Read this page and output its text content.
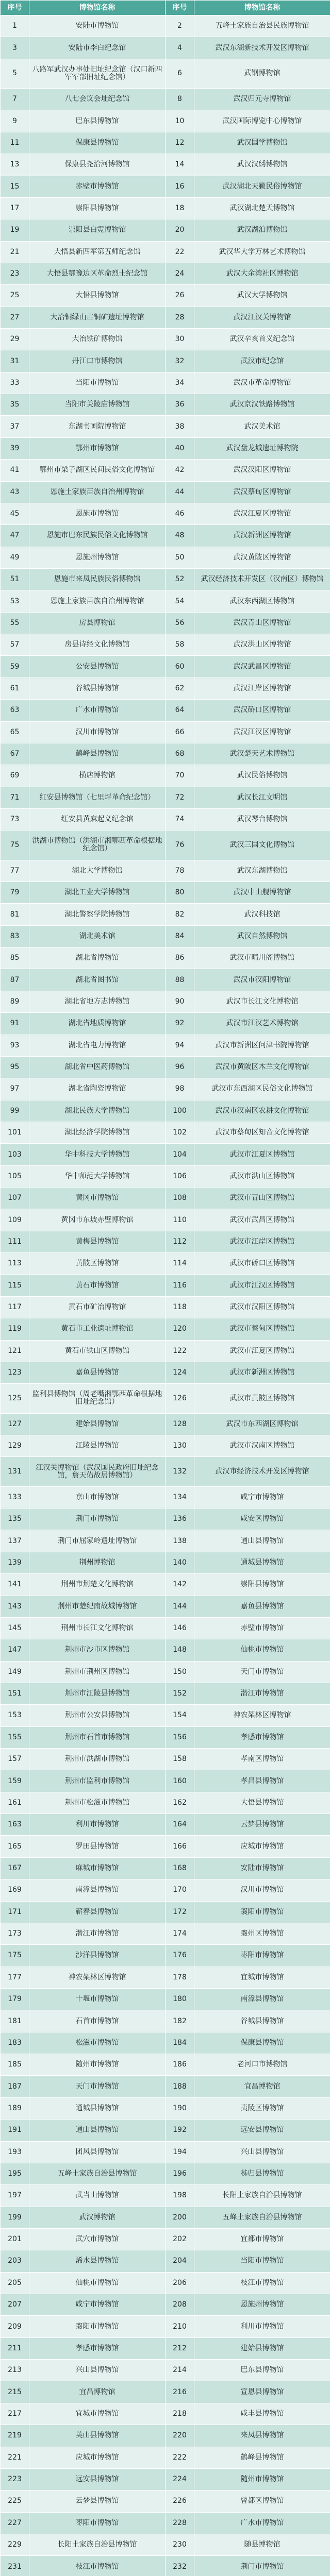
序号	博物馆名称	序号	博物馆名称
1	安陆市博物馆	2	五峰土家族自治县民族博物馆
3	安陆市李白纪念馆	4	武汉东湖新技术开发区博物馆
5	八路军武汉办事处旧址纪念馆（汉口新四军军部旧址纪念馆）	6	武钢博物馆
7	八七会议会址纪念馆	8	武汉归元寺博物馆
9	巴东县博物馆	10	武汉国际博览中心博物馆
11	保康县博物馆	12	武汉国学博物馆
13	保康县尧治河博物馆	14	武汉汉绣博物馆
15	赤壁市博物馆	16	武汉湖北天籁民俗博物馆
17	崇阳县博物馆	18	武汉湖北楚天博物馆
19	崇阳县白霓博物馆	20	武汉湖泊博物馆
21	大悟县新四军第五师纪念馆	22	武汉华大学万林艺术博物馆
23	大悟县鄂豫边区革命烈士纪念馆	24	武汉大余湾社区博物馆
25	大悟县博物馆	26	武汉大学博物馆
27	大冶铜绿山古铜矿遗址博物馆	28	武汉江汉关博物馆
29	大冶铁矿博物馆	30	武汉辛亥首义纪念馆
31	丹江口市博物馆	32	武汉市纪念馆
33	当阳市博物馆	34	武汉市革命博物馆
35	当阳市关陵庙博物馆	36	武汉京汉铁路博物馆
37	东湖书画院博物馆	38	武汉美术馆
39	鄂州市博物馆	40	武汉盘龙城遗址博物院
41	鄂州市梁子湖区民间民俗文化博物馆	42	武汉汉阳区博物馆
43	恩施土家族苗族自治州博物馆	44	武汉蔡甸区博物馆
45	恩施市博物馆	46	武汉江夏区博物馆
47	恩施市巴东民族民俗文化博物馆	48	武汉新洲区博物馆
49	恩施州博物馆	50	武汉黄陂区博物馆
51	恩施市来凤民族民俗博物馆	52	武汉经济技术开发区（汉南区）博物馆
53	恩施土家族苗族自治州博物馆	54	武汉东西湖区博物馆
55	房县博物馆	56	武汉青山区博物馆
57	房县诗经文化博物馆	58	武汉洪山区博物馆
59	公安县博物馆	60	武汉武昌区博物馆
61	谷城县博物馆	62	武汉江岸区博物馆
63	广水市博物馆	64	武汉硚口区博物馆
65	汉川市博物馆	66	武汉江汉区博物馆
67	鹤峰县博物馆	68	武汉楚天艺术博物馆
69	横店博物馆	70	武汉民俗博物馆
71	红安县博物馆（七里坪革命纪念馆）	72	武汉长江文明馆
73	红安县黄麻起义纪念馆	74	武汉琴台博物馆
75	洪湖市博物馆（洪湖市湘鄂西革命根据地纪念馆）	76	武汉三国文化博物馆
77	湖北大学博物馆	78	武汉东湖博物馆
79	湖北工业大学博物馆	80	武汉中山舰博物馆
81	湖北警察学院博物馆	82	武汉科技馆
83	湖北美术馆	84	武汉自然博物馆
85	湖北省博物馆	86	武汉市晴川阁博物馆
87	湖北省图书馆	88	武汉市汉阳博物馆
89	湖北省地方志博物馆	90	武汉市长江文化博物馆
91	湖北省地质博物馆	92	武汉市江汉艺术博物馆
93	湖北省电力博物馆	94	武汉市新洲区问津书院博物馆
95	湖北省中医药博物馆	96	武汉市黄陂区木兰文化博物馆
97	湖北省陶瓷博物馆	98	武汉市东西湖区民俗文化博物馆
99	湖北民族大学博物馆	100	武汉市汉南区农耕文化博物馆
101	湖北经济学院博物馆	102	武汉市蔡甸区知音文化博物馆
103	华中科技大学博物馆	104	武汉市江夏区博物馆
105	华中师范大学博物馆	106	武汉市洪山区博物馆
107	黄冈市博物馆	108	武汉市青山区博物馆
109	黄冈市东坡赤壁博物馆	110	武汉市武昌区博物馆
111	黄梅县博物馆	112	武汉市江岸区博物馆
113	黄陂区博物馆	114	武汉市硚口区博物馆
115	黄石市博物馆	116	武汉市江汉区博物馆
117	黄石市矿冶博物馆	118	武汉市汉阳区博物馆
119	黄石市工业遗址博物馆	120	武汉市蔡甸区博物馆
121	黄石市铁山区博物馆	122	武汉市江夏区博物馆
123	嘉鱼县博物馆	124	武汉市新洲区博物馆
125	监利县博物馆（周老嘴湘鄂西革命根据地旧址纪念馆）	126	武汉市黄陂区博物馆
127	建始县博物馆	128	武汉市东西湖区博物馆
129	江陵县博物馆	130	武汉市汉南区博物馆
131	江汉关博物馆（武汉国民政府旧址纪念馆，詹天佑故居博物馆）	132	武汉市经济技术开发区博物馆
133	京山市博物馆	134	咸宁市博物馆
135	荆门市博物馆	136	咸安区博物馆
137	荆门市屈家岭遗址博物馆	138	通山县博物馆
139	荆州博物馆	140	通城县博物馆
141	荆州市荆楚文化博物馆	142	崇阳县博物馆
143	荆州市楚纪南故城博物馆	144	嘉鱼县博物馆
145	荆州市长江文化博物馆	146	赤壁市博物馆
147	荆州市沙市区博物馆	148	仙桃市博物馆
149	荆州市荆州区博物馆	150	天门市博物馆
151	荆州市江陵县博物馆	152	潜江市博物馆
153	荆州市公安县博物馆	154	神农架林区博物馆
155	荆州市石首市博物馆	156	孝感市博物馆
157	荆州市洪湖市博物馆	158	孝南区博物馆
159	荆州市监利市博物馆	160	孝昌县博物馆
161	荆州市松滋市博物馆	162	大悟县博物馆
163	利川市博物馆	164	云梦县博物馆
165	罗田县博物馆	166	应城市博物馆
167	麻城市博物馆	168	安陆市博物馆
169	南漳县博物馆	170	汉川市博物馆
171	蕲春县博物馆	172	襄阳市博物馆
173	潜江市博物馆	174	襄州区博物馆
175	沙洋县博物馆	176	枣阳市博物馆
177	神农架林区博物馆	178	宜城市博物馆
179	十堰市博物馆	180	南漳县博物馆
181	石首市博物馆	182	谷城县博物馆
183	松滋市博物馆	184	保康县博物馆
185	随州市博物馆	186	老河口市博物馆
187	天门市博物馆	188	宜昌博物馆
189	通城县博物馆	190	夷陵区博物馆
191	通山县博物馆	192	远安县博物馆
193	团风县博物馆	194	兴山县博物馆
195	五峰土家族自治县博物馆	196	秭归县博物馆
197	武当山博物馆	198	长阳土家族自治县博物馆
199	武汉博物馆	200	五峰土家族自治县博物馆
201	武穴市博物馆	202	宜都市博物馆
203	浠水县博物馆	204	当阳市博物馆
205	仙桃市博物馆	206	枝江市博物馆
207	咸宁市博物馆	208	恩施州博物馆
209	襄阳市博物馆	210	利川市博物馆
211	孝感市博物馆	212	建始县博物馆
213	兴山县博物馆	214	巴东县博物馆
215	宜昌博物馆	216	宣恩县博物馆
217	宜城市博物馆	218	咸丰县博物馆
219	英山县博物馆	220	来凤县博物馆
221	应城市博物馆	222	鹤峰县博物馆
223	远安县博物馆	224	随州市博物馆
225	云梦县博物馆	226	曾都区博物馆
227	枣阳市博物馆	228	广水市博物馆
229	长阳土家族自治县博物馆	230	随县博物馆
231	枝江市博物馆	232	荆门市博物馆
